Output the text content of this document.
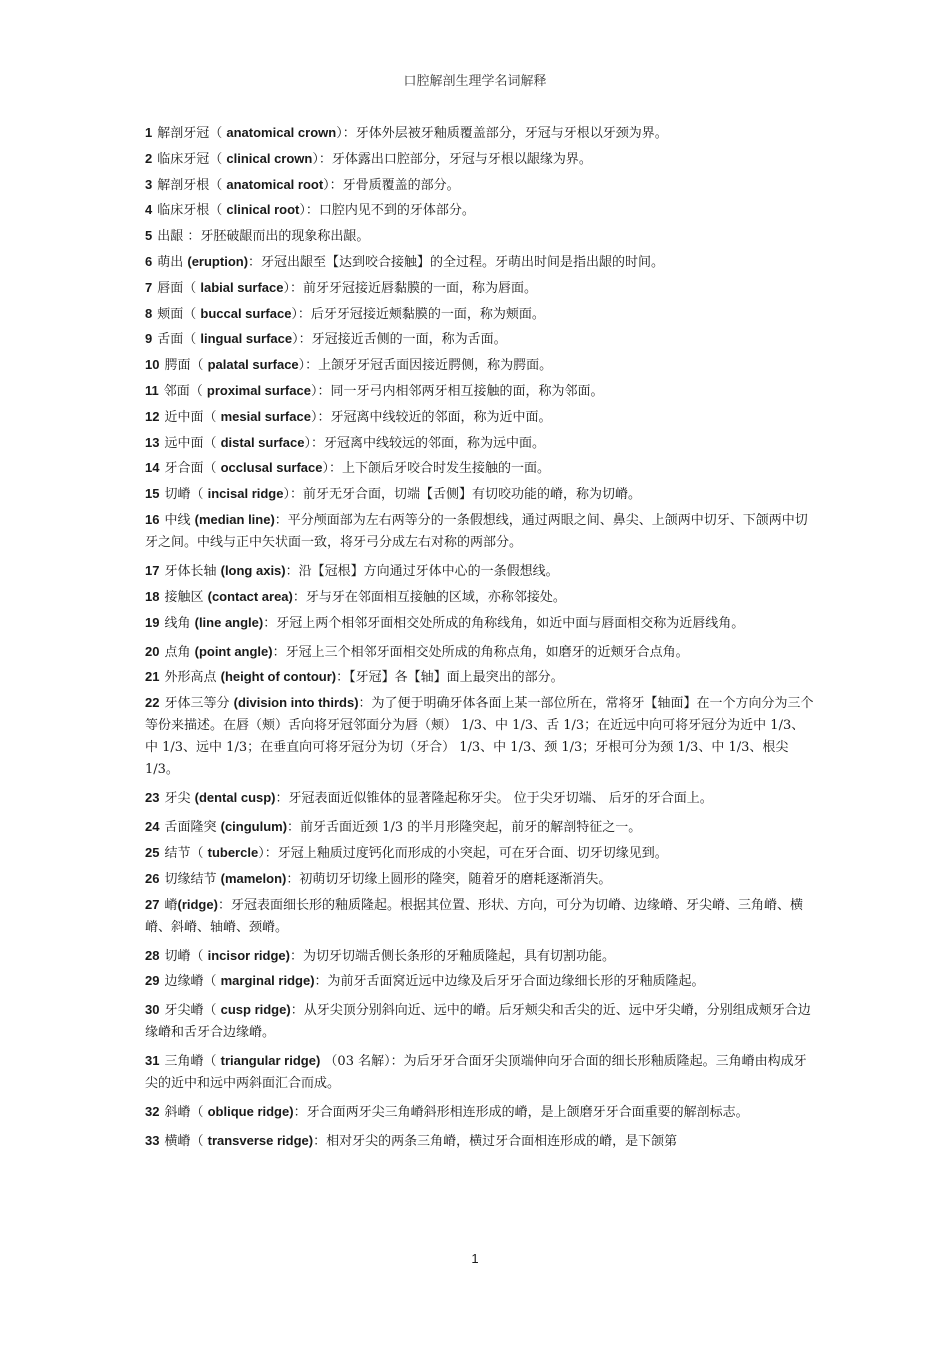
口腔解剖生理学名词解释
1 解剖牙冠（ anatomical crown）：牙体外层被牙釉质覆盖部分，牙冠与牙根以牙颈为界。
2 临床牙冠（ clinical crown）：牙体露出口腔部分，牙冠与牙根以龈缘为界。
3 解剖牙根（ anatomical root）：牙骨质覆盖的部分。
4 临床牙根（ clinical root）：口腔内见不到的牙体部分。
5 出龈 ：牙胚破龈而出的现象称出龈。
6 萌出 (eruption)：牙冠出龈至【达到咬合接触】的全过程。牙萌出时间是指出龈的时间。
7 唇面（ labial surface）：前牙牙冠接近唇黏膜的一面，称为唇面。
8 颊面（ buccal surface）：后牙牙冠接近颊黏膜的一面，称为颊面。
9 舌面（ lingual surface）：牙冠接近舌侧的一面，称为舌面。
10 腭面（ palatal surface）：上颌牙牙冠舌面因接近腭侧，称为腭面。
11 邻面（ proximal surface）：同一牙弓内相邻两牙相互接触的面，称为邻面。
12 近中面（ mesial surface）：牙冠离中线较近的邻面，称为近中面。
13 远中面（ distal surface）：牙冠离中线较远的邻面，称为远中面。
14 牙合面（ occlusal surface）：上下颌后牙咬合时发生接触的一面。
15 切嵴（ incisal ridge）：前牙无牙合面，切端【舌侧】有切咬功能的嵴，称为切嵴。
16 中线 (median line)：平分颅面部为左右两等分的一条假想线，通过两眼之间、鼻尖、上颌两中切牙、下颌两中切牙之间。中线与正中矢状面一致，将牙弓分成左右对称的两部分。
17 牙体长轴 (long axis)：沿【冠根】方向通过牙体中心的一条假想线。
18 接触区 (contact area)：牙与牙在邻面相互接触的区域，亦称邻接处。
19 线角 (line angle)：牙冠上两个相邻牙面相交处所成的角称线角，如近中面与唇面相交称为近唇线角。
20 点角 (point angle)：牙冠上三个相邻牙面相交处所成的角称点角，如磨牙的近颊牙合点角。
21 外形高点 (height of contour)：【牙冠】各【轴】面上最突出的部分。
22 牙体三等分 (division into thirds)：为了便于明确牙体各面上某一部位所在，常将牙【轴面】在一个方向分为三个等份来描述。在唇（颊）舌向将牙冠邻面分为唇（颊） 1/3、中 1/3、舌 1/3；在近远中向可将牙冠分为近中 1/3、中 1/3、远中 1/3；在垂直向可将牙冠分为切（牙合） 1/3、中 1/3、颈 1/3；牙根可分为颈 1/3、中 1/3、根尖 1/3。
23 牙尖 (dental cusp)：牙冠表面近似锥体的显著隆起称牙尖。 位于尖牙切端、 后牙的牙合面上。
24 舌面隆突 (cingulum)：前牙舌面近颈 1/3 的半月形隆突起，前牙的解剖特征之一。
25 结节（ tubercle）：牙冠上釉质过度钙化而形成的小突起，可在牙合面、切牙切缘见到。
26 切缘结节 (mamelon)：初萌切牙切缘上圆形的隆突，随着牙的磨耗逐渐消失。
27 嵴(ridge)：牙冠表面细长形的釉质隆起。根据其位置、形状、方向，可分为切嵴、边缘嵴、牙尖嵴、三角嵴、横嵴、斜嵴、轴嵴、颈嵴。
28 切嵴（ incisor ridge)：为切牙切端舌侧长条形的牙釉质隆起，具有切割功能。
29 边缘嵴（ marginal ridge)：为前牙舌面窝近远中边缘及后牙牙合面边缘细长形的牙釉质隆起。
30 牙尖嵴（ cusp ridge)：从牙尖顶分别斜向近、远中的嵴。后牙颊尖和舌尖的近、远中牙尖嵴，分别组成颊牙合边缘嵴和舌牙合边缘嵴。
31 三角嵴（ triangular ridge) （03 名解）：为后牙牙合面牙尖顶端伸向牙合面的细长形釉质隆起。三角嵴由构成牙尖的近中和远中两斜面汇合而成。
32 斜嵴（ oblique ridge)：牙合面两牙尖三角嵴斜形相连形成的嵴，是上颌磨牙牙合面重要的解剖标志。
33 横嵴（ transverse ridge)：相对牙尖的两条三角嵴，横过牙合面相连形成的嵴，是下颌第
1
